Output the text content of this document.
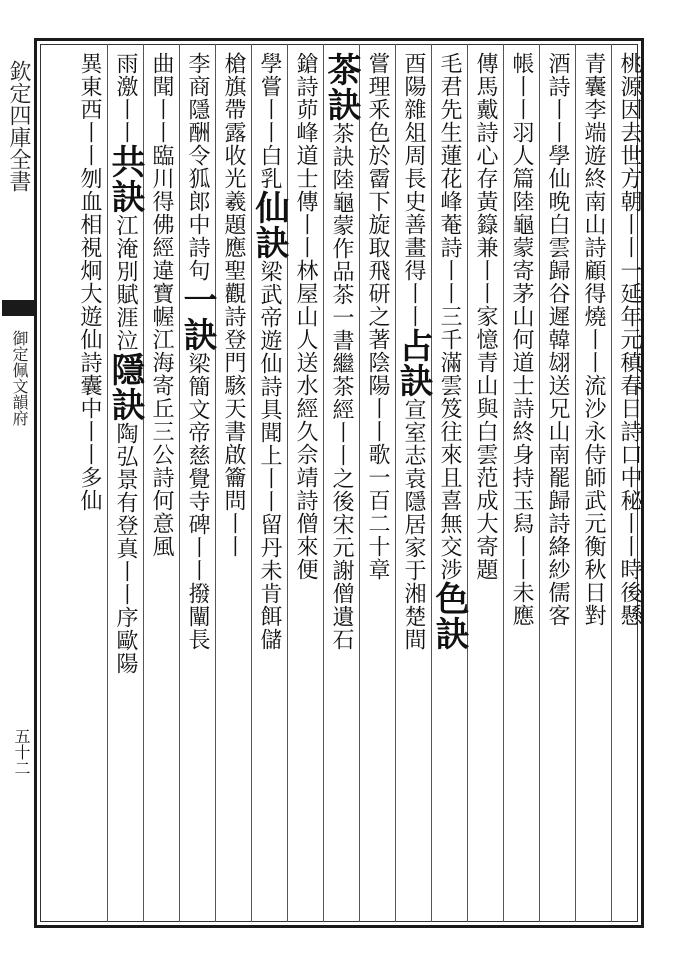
欽定四庫全書
御定佩文韻府
五十二
桃源因去世方朝丨丨一延年元稹春日詩口中秘丨丨時後懸
青囊李端遊終南山詩顧得燒丨丨流沙永侍師武元衡秋日對
酒詩丨丨學仙晚白雲歸谷遲韓翃送兄山南罷歸詩絳紗儒客
帳丨丨羽人篇陸龜蒙寄茅山何道士詩終身持玉舄丨丨未應
傳馬戴詩心存黃籙兼丨丨家憶青山與白雲范成大寄題
毛君先生蓮花峰菴詩丨丨三千滿雲笈往來且喜無交涉色訣
酉陽雜俎周長史善畫得丨丨占訣宣室志袁隱居家于湘楚間
嘗理釆色於霤下旋取飛研之著陰陽丨丨歌一百二十章
茶訣茶訣陸龜蒙作品茶一書繼茶經丨丨之後宋元謝僧遺石
鎗詩茆峰道士傳丨丨林屋山人送水經久佘靖詩僧來便
學嘗丨丨白乳仙訣梁武帝遊仙詩具聞上丨丨留丹未肯餌儲
槍旗帶露收光羲題應聖觀詩登門駭天書啟籥問丨丨
李商隱酬令狐郎中詩句一訣梁簡文帝慈覺寺碑丨丨撥闡長
曲聞丨丨臨川得佛經違寶幄江海寄丘三公詩何意風
雨激丨丨共訣江淹別賦涯泣隱訣陶弘景有登真丨丨序歐陽
異東西丨丨刎血相視炯大遊仙詩囊中丨丨多仙
